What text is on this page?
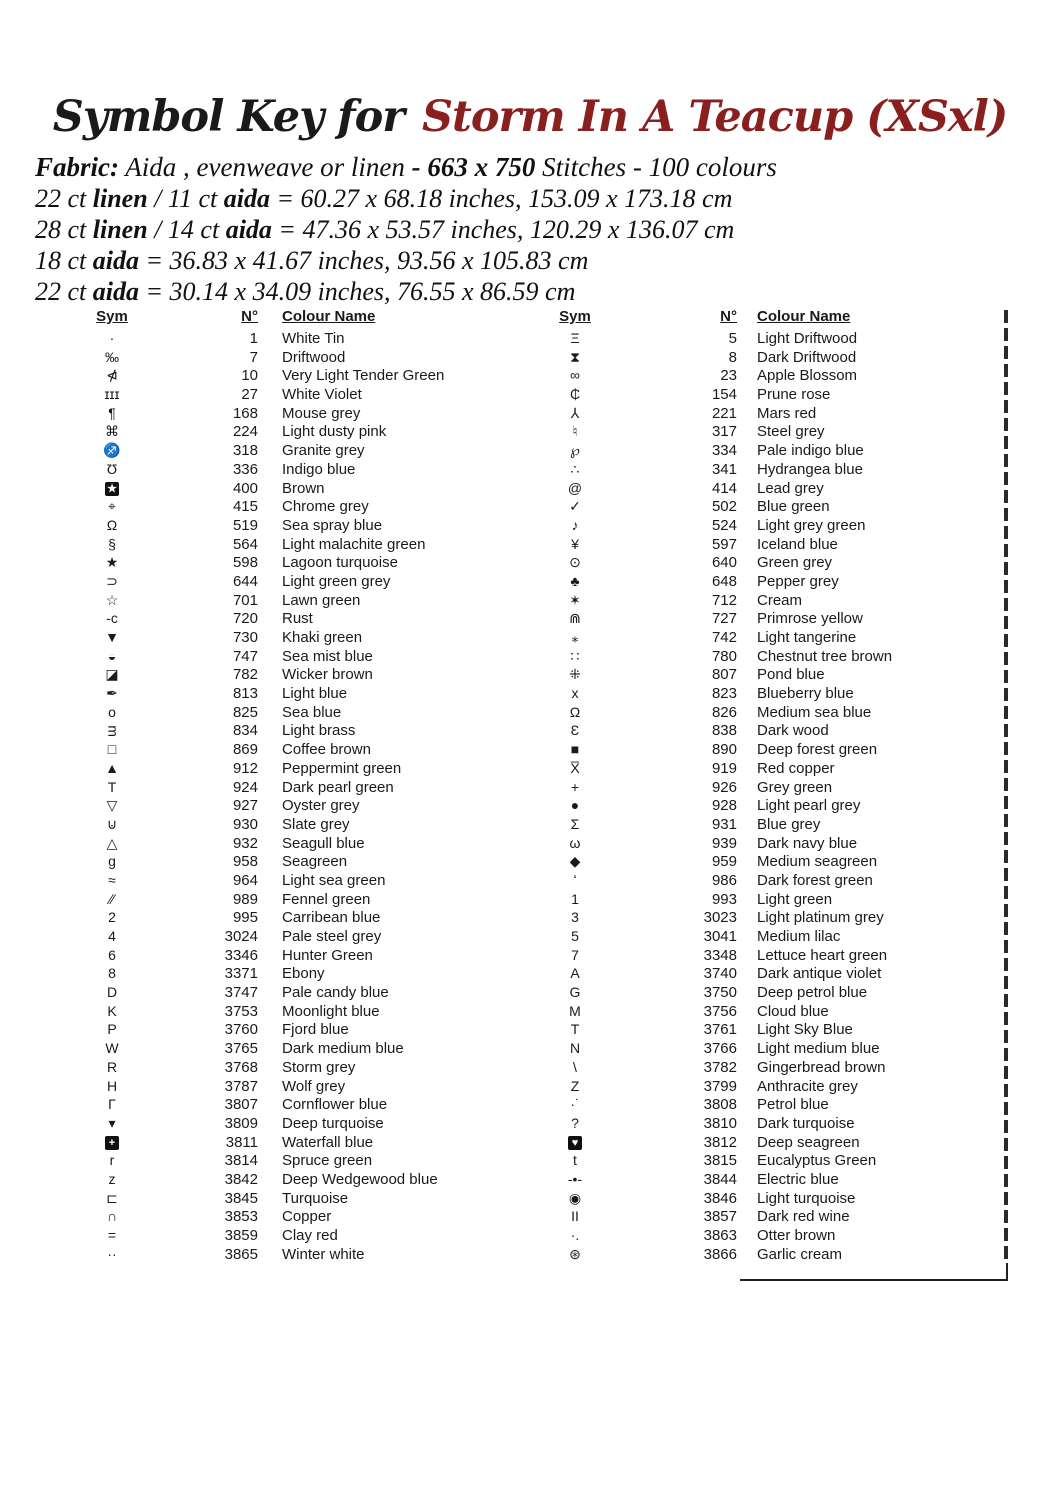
Symbol Key for Storm In A Teacup (XSxl)
Fabric: Aida , evenweave or linen - 663 x 750 Stitches - 100 colours
22 ct linen / 11 ct aida = 60.27 x 68.18 inches, 153.09 x 173.18 cm
28 ct linen / 14 ct aida = 47.36 x 53.57 inches, 120.29 x 136.07 cm
18 ct aida = 36.83 x 41.67 inches, 93.56 x 105.83 cm
22 ct aida = 30.14 x 34.09 inches, 76.55 x 86.59 cm
Sym	N°	Colour Name
·	1	White Tin
‰	7	Driftwood
⋪	10	Very Light Tender Green
ɪɪɪ	27	White Violet
¶	168	Mouse grey
⌘	224	Light dusty pink
♐	318	Granite grey
Ʊ	336	Indigo blue
★	400	Brown
⌖	415	Chrome grey
Ω	519	Sea spray blue
§	564	Light malachite green
★	598	Lagoon turquoise
⊃	644	Light green grey
☆	701	Lawn green
-c	720	Rust
▼	730	Khaki green
◒	747	Sea mist blue
◪	782	Wicker brown
✒	813	Light blue
o	825	Sea blue
ᴟ	834	Light brass
□	869	Coffee brown
▲	912	Peppermint green
Τ	924	Dark pearl green
▽	927	Oyster grey
⊍	930	Slate grey
△	932	Seagull blue
g	958	Seagreen
≈	964	Light sea green
∕∕	989	Fennel green
2	995	Carribean blue
4	3024	Pale steel grey
6	3346	Hunter Green
8	3371	Ebony
D	3747	Pale candy blue
K	3753	Moonlight blue
P	3760	Fjord blue
W	3765	Dark medium blue
R	3768	Storm grey
H	3787	Wolf grey
Γ	3807	Cornflower blue
▾	3809	Deep turquoise
+	3811	Waterfall blue
r	3814	Spruce green
z	3842	Deep Wedgewood blue
⊏	3845	Turquoise
∩	3853	Copper
=	3859	Clay red
··	3865	Winter white
Sym	N°	Colour Name
Ξ	5	Light Driftwood
⧗	8	Dark Driftwood
∞	23	Apple Blossom
₵	154	Prune rose
⅄	221	Mars red
♮	317	Steel grey
℘	334	Pale indigo blue
∴	341	Hydrangea blue
@	414	Lead grey
✓	502	Blue green
♪	524	Light grey green
¥	597	Iceland blue
⊙	640	Green grey
♣	648	Pepper grey
✶	712	Cream
⋒	727	Primrose yellow
⁎	742	Light tangerine
∷	780	Chestnut tree brown
⁜	807	Pond blue
x	823	Blueberry blue
Ω	826	Medium sea blue
Ɛ	838	Dark wood
■	890	Deep forest green
X̅	919	Red copper
+	926	Grey green
●	928	Light pearl grey
Σ	931	Blue grey
ω	939	Dark navy blue
◆	959	Medium seagreen
ʻ	986	Dark forest green
1	993	Light green
3	3023	Light platinum grey
5	3041	Medium lilac
7	3348	Lettuce heart green
A	3740	Dark antique violet
G	3750	Deep petrol blue
M	3756	Cloud blue
T	3761	Light Sky Blue
N	3766	Light medium blue
\	3782	Gingerbread brown
Z	3799	Anthracite grey
·˙	3808	Petrol blue
?	3810	Dark turquoise
♥	3812	Deep seagreen
t	3815	Eucalyptus Green
-•-	3844	Electric blue
◉	3846	Light turquoise
ΙΙ	3857	Dark red wine
·.	3863	Otter brown
⊛	3866	Garlic cream
